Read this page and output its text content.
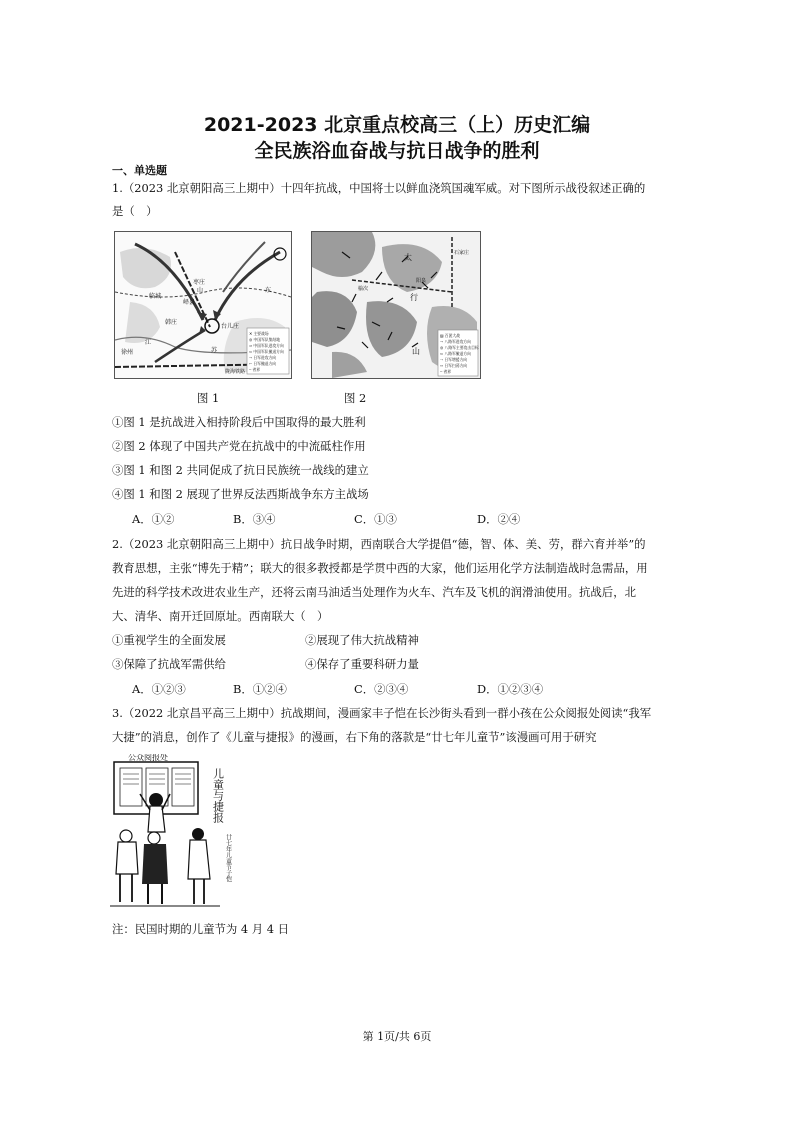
2021-2023 北京重点校高三（上）历史汇编
全民族浴血奋战与抗日战争的胜利
一、单选题
1.（2023 北京朝阳高三上期中）十四年抗战，中国将士以鲜血浇筑国魂军威。对下图所示战役叙述正确的
是（　）
徐州
枣庄
峄县
韩庄
台儿庄
临城
江
苏
东
山
陇海铁路
✕ 主要战场
◎ 中国军队集结地
⇒ 中国军队进攻方向
⇐ 中国军队撤退方向
→ 日军进攻方向
← 日军撤退方向
┄ 省界
太
行
山
石家庄
阳泉
榆次
▨ 百团大战
→ 八路军进攻方向
◎ 八路军主要攻击目标
⇐ 八路军撤退方向
⇢ 日军增援方向
⇨ 日军扫荡方向
┄ 省界
图 1	图 2
①图 1 是抗战进入相持阶段后中国取得的最大胜利
②图 2 体现了中国共产党在抗战中的中流砥柱作用
③图 1 和图 2 共同促成了抗日民族统一战线的建立
④图 1 和图 2 展现了世界反法西斯战争东方主战场
A．①②	B．③④	C．①③	D．②④
2.（2023 北京朝阳高三上期中）抗日战争时期，西南联合大学提倡“德，智、体、美、劳，群六育并举”的
教育思想，主张“博先于精”；联大的很多教授都是学贯中西的大家，他们运用化学方法制造战时急需品，用
先进的科学技术改进农业生产，还将云南马油适当处理作为火车、汽车及飞机的润滑油使用。抗战后，北
大、清华、南开迁回原址。西南联大（　）
①重视学生的全面发展	②展现了伟大抗战精神
③保障了抗战军需供给	④保存了重要科研力量
A．①②③	B．①②④	C．②③④	D．①②③④
3.（2022 北京昌平高三上期中）抗战期间，漫画家丰子恺在长沙街头看到一群小孩在公众阅报处阅读“我军
大捷”的消息，创作了《儿童与捷报》的漫画，右下角的落款是“廿七年儿童节”该漫画可用于研究
公众阅报处
儿童与捷报
廿七年儿童节子恺
注：民国时期的儿童节为 4 月 4 日
第 1页/共 6页
